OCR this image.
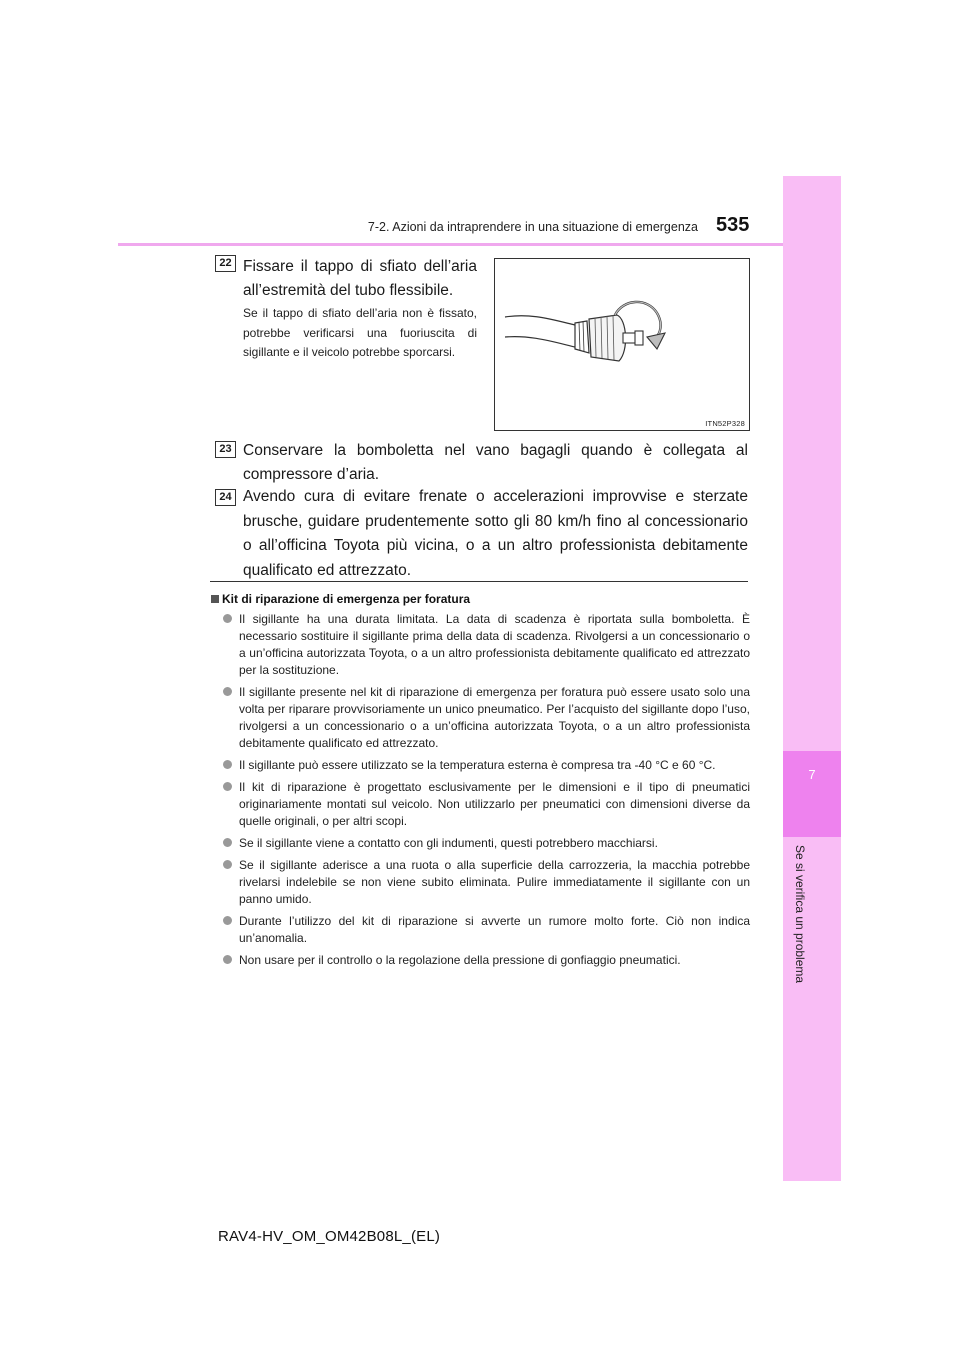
7
Se si verifica un problema
7-2. Azioni da intraprendere in una situazione di emergenza 535
22 Fissare il tappo di sfiato dell’aria all’estremità del tubo flessibile.
Se il tappo di sfiato dell’aria non è fissato, potrebbe verificarsi una fuoriuscita di sigillante e il veicolo potrebbe sporcarsi.
ITN52P328
23 Conservare la bomboletta nel vano bagagli quando è collegata al compressore d’aria.
24 Avendo cura di evitare frenate o accelerazioni improvvise e sterzate brusche, guidare prudentemente sotto gli 80 km/h fino al concessionario o all’officina Toyota più vicina, o a un altro professionista debitamente qualificato ed attrezzato.
Kit di riparazione di emergenza per foratura
Il sigillante ha una durata limitata. La data di scadenza è riportata sulla bomboletta. È necessario sostituire il sigillante prima della data di scadenza. Rivolgersi a un concessionario o a un’officina autorizzata Toyota, o a un altro professionista debitamente qualificato ed attrezzato per la sostituzione.
Il sigillante presente nel kit di riparazione di emergenza per foratura può essere usato solo una volta per riparare provvisoriamente un unico pneumatico. Per l’acquisto del sigillante dopo l’uso, rivolgersi a un concessionario o a un’officina autorizzata Toyota, o a un altro professionista debitamente qualificato ed attrezzato.
Il sigillante può essere utilizzato se la temperatura esterna è compresa tra -40 °C e 60 °C.
Il kit di riparazione è progettato esclusivamente per le dimensioni e il tipo di pneumatici originariamente montati sul veicolo. Non utilizzarlo per pneumatici con dimensioni diverse da quelle originali, o per altri scopi.
Se il sigillante viene a contatto con gli indumenti, questi potrebbero macchiarsi.
Se il sigillante aderisce a una ruota o alla superficie della carrozzeria, la macchia potrebbe rivelarsi indelebile se non viene subito eliminata. Pulire immediatamente il sigillante con un panno umido.
Durante l’utilizzo del kit di riparazione si avverte un rumore molto forte. Ciò non indica un’anomalia.
Non usare per il controllo o la regolazione della pressione di gonfiaggio pneumatici.
RAV4-HV_OM_OM42B08L_(EL)
